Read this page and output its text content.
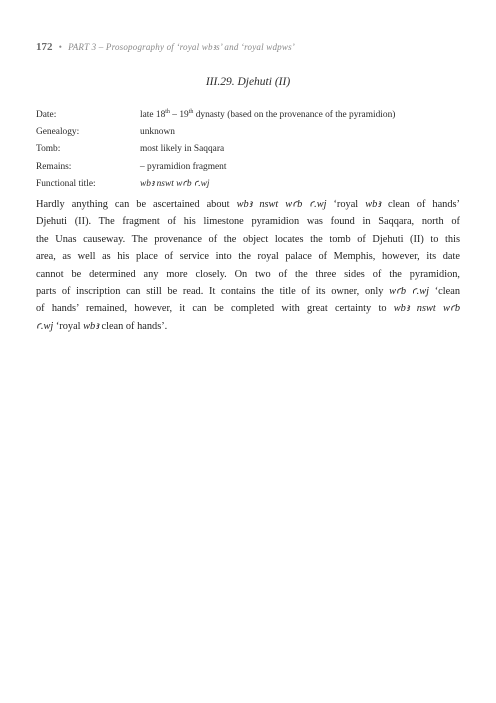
172 • PART 3 – Prosopography of ‘royal wbꜣs’ and ‘royal wdpws’
III.29. Djehuti (II)
Date:	late 18th – 19th dynasty (based on the provenance of the pyramidion)
Genealogy:	unknown
Tomb:	most likely in Saqqara
Remains:	– pyramidion fragment
Functional title:	wbꜣ nswt wꜥb ꜥ.wj
Hardly anything can be ascertained about wbꜣ nswt wꜥb ꜥ.wj ‘royal wbꜣ clean of hands’
Djehuti (II). The fragment of his limestone pyramidion was found in Saqqara, north of
the Unas causeway. The provenance of the object locates the tomb of Djehuti (II) to this
area, as well as his place of service into the royal palace of Memphis, however, its date
cannot be determined any more closely. On two of the three sides of the pyramidion,
parts of inscription can still be read. It contains the title of its owner, only wꜥb ꜥ.wj ‘clean
of hands’ remained, however, it can be completed with great certainty to wbꜣ nswt wꜥb
ꜥ.wj ‘royal wbꜣ clean of hands’.
